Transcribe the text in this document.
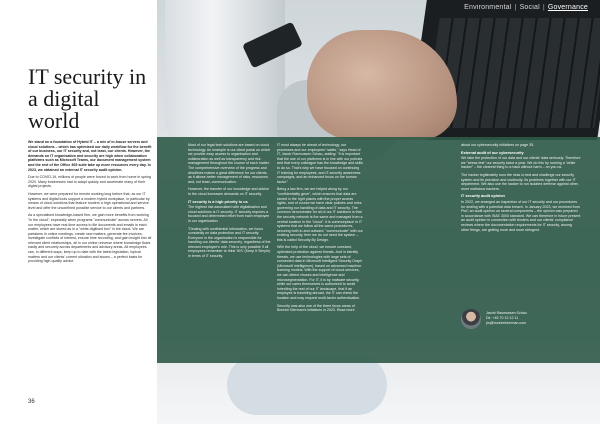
Environmental | Social | Governance
IT security in a digital world

We stand on a foundation of Hybrid IT – a mix of in-house servers and cloud solutions – which has optimised our daily workflow for the benefit of our business, our IT security and, not least, our clients. However, the demands on IT organisation and security are high when collaboration platforms such as Microsoft Teams, our document management system and the rest of the Office 365 suite take up more resources every day. In 2023, we obtained an external IT security audit opinion.

Due to COVID-19, millions of people were forced to work from home in spring 2020. Many businesses had to adapt quickly and accelerate many of their digital projects.

However, we were prepared for remote working long before that, as our IT systems and digital tools support a modern hybrid workplace, in particular by means of cloud solutions that feature modern a high operational and service level and offer the unconfined possible service to our clients and partners.

As a specialised knowledge-based firm, we gain more benefits from working "in the cloud", especially when programs "communicate" across servers. All our employees have real-time access to file documents and emails in each matter, which are stored as in a "white-digitised box" in the cloud. We are partakers in online meetings, create new matters, generate fee invoices, investigate conflicts of interest, ensure time recording, and gain insight into all relevant client relationships, all in our online universe where knowledge flows easily and securely across departments and advisory areas. All employees can, in different ways, keep up to date with the latest legislation, topical matters and our clients' current situation and issues – a perfect basis for providing high-quality advice.

Most of our legal tech solutions are based on cloud technology. An example is our client portal on which we provide easy access to organisation and collaboration as well as transparency and risk management throughout the course of each matter. The comprehensive overview of the progress and deadlines makes a great difference for our clients, as it allows better management of risks, resources and, not least, communication.

However, the transfer of our knowledge and advice to the cloud increases demands on IT security.

IT security is a high priority to us

The highest risk associated with digitalisation and cloud solutions is IT security. IT security requires a focused and determined effort from each employee in our organisation.

"Dealing with confidential information, we focus constantly on data protection and IT security. Everyone in the organisation is responsible for handling our clients' data securely, regardless of the relevant employee's role. This is only possible if all employees remember to think 'KIS' (Keep It Simple) in terms of IT security.

IT must always be ahead of technology, our processes and our employees' habits," says Head of IT, Jacob Rasmussen Schau, adding: "It is important that the use of our platforms is in line with our policies and that every colleague has the knowledge and skills to do so. That's why we have focused on continuing IT training for employees, and IT-security awareness campaigns, and an enhanced focus on the human factor."

Being a law firm, we are helped along by our "confidentiality gene", which ensures that data are stored in the right places with the proper access rights, and of course we have clear policies and rules governing our handling of data and IT security. The common denominator for all of our IT solutions is that the security network is the same and managed from a central location in the "cloud". It is commonplace in IT systems that we follow all the same procedures, securing both in-and outward, "communicate" with our existing security, then we do not need the system – this is called Security By Design.

With the help of the cloud, we ensure constant, optimised protection against threats. And in identify threats, we use technologies with large sets of connected data in Microsoft Intelligent Security Graph (Microsoft Intelligence), based on advanced machine learning models. With the support of cloud-services, we can detect viruses and intelligence and microsegmentation. For IT, it is by malware security, while our users themselves is authorised to avoid inheriting the rest of our IT landscape, that if an employee is travelling abroad, the IT can check the location and may request multi-factor authentication.

Security was also one of the three focus areas of Bonnier Bierman's initiatives in 2023. Read more

about our cybersecurity initiatives on page 35.

External audit of our cybersecurity

We take the protection of our data and our clients' data seriously. Therefore we "stress test" our security twice a year. We do this by running a "white hacker" – the clearest thing to a hack without harm – on you us.

The hacker legitimately runs the risks to test and challenge our security system and its provision and continuity. Its problems together with our IT department. We also use the hacker to run isolated defense against other, more malicious hackers.

IT security audit opinion

In 2022, we arranged an inspection of our IT security and our procedures for dealing with a potential data breach. In January 2023, we received from PwC an audit opinion on several components – the opinion was prepared in accordance with ISAE 3000 standard. We can therefore in future present an audit opinion in connection with tenders and our clients' compliance reviews where the documentation requirements for IT security, among other things, are getting more and more stringent.

Jacob Rasmussen Schau
Dir. +45 70 12 12 11
jrs@bonnierbierman.com
36
